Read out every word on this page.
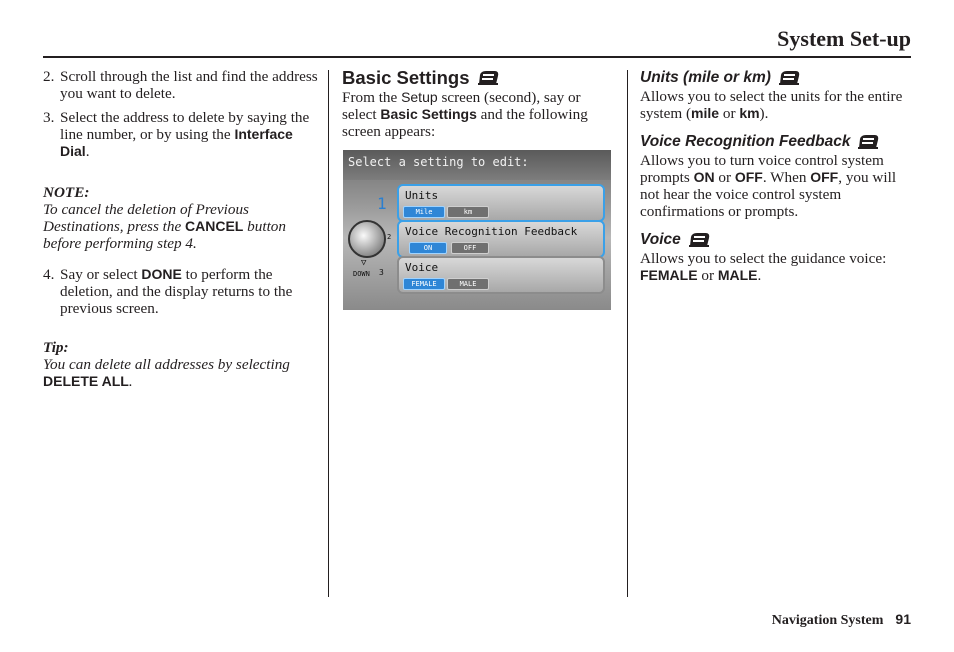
System Set-up
2. Scroll through the list and find the address you want to delete.
3. Select the address to delete by saying the line number, or by using the Interface Dial.
NOTE:

To cancel the deletion of Previous Destinations, press the CANCEL button before performing step 4.

4. Say or select DONE to perform the deletion, and the display returns to the previous screen.
Tip:

You can delete all addresses by selecting DELETE ALL.

Basic Settings

From the Setup screen (second), say or select Basic Settings and the following screen appears:

Select a setting to edit:
1
2
▽
DOWN 3
Units
Mile	km
Voice Recognition Feedback
ON	OFF
Voice
FEMALE	MALE
Units (mile or km)

Allows you to select the units for the entire system (mile or km).

Voice Recognition Feedback

Allows you to turn voice control system prompts ON or OFF. When OFF, you will not hear the voice control system confirmations or prompts.

Voice

Allows you to select the guidance voice: FEMALE or MALE.

Navigation System 91
